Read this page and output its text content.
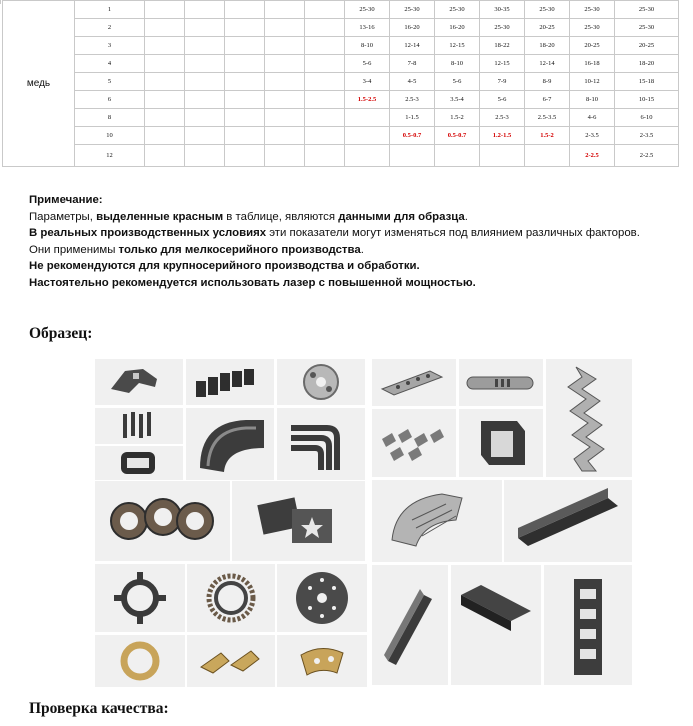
медь	1						25-30	25-30	25-30	30-35	25-30	25-30	25-30
	2						13-16	16-20	16-20	25-30	20-25	25-30	25-30
	3						8-10	12-14	12-15	18-22	18-20	20-25	20-25
	4						5-6	7-8	8-10	12-15	12-14	16-18	18-20
	5						3-4	4-5	5-6	7-9	8-9	10-12	15-18
	6						1.5-2.5	2.5-3	3.5-4	5-6	6-7	8-10	10-15
	8							1-1.5	1.5-2	2.5-3	2.5-3.5	4-6	6-10
	10							0.5-0.7	0.5-0.7	1.2-1.5	1.5-2	2-3.5	2-3.5
	12											2-2.5	2-2.5

Примечание:

Параметры, выделенные красным в таблице, являются данными для образца.

В реальных производственных условиях эти показатели могут изменяться под влиянием различных факторов.

Они применимы только для мелкосерийного производства.

Не рекомендуются для крупносерийного производства и обработки.

Настоятельно рекомендуется использовать лазер с повышенной мощностью.

Образец:
Проверка качества:
